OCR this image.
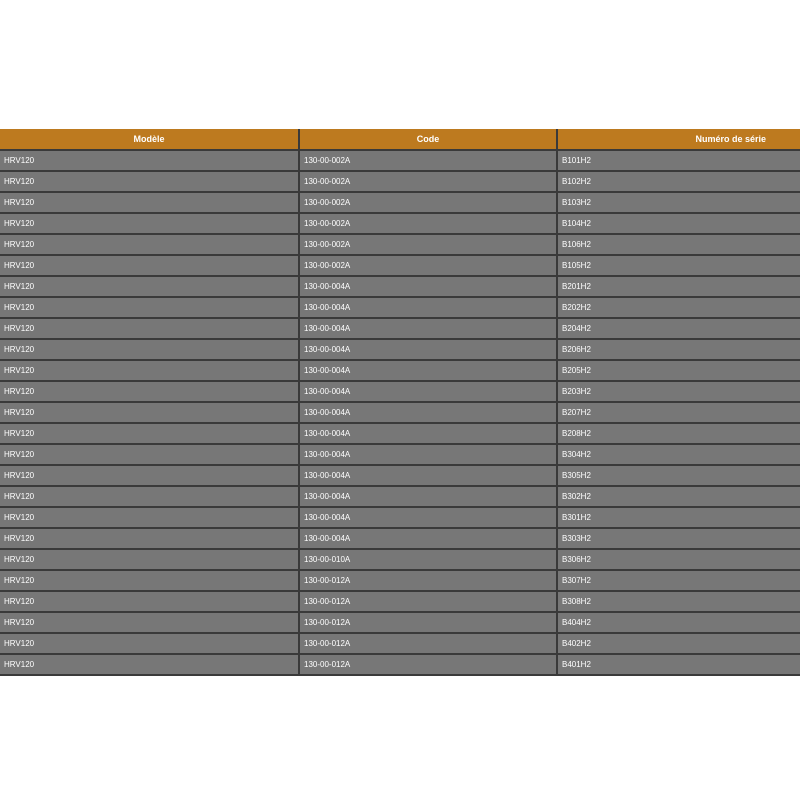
Modèle	Code	Numéro de série
HRV120	130-00-002A	B101H2
HRV120	130-00-002A	B102H2
HRV120	130-00-002A	B103H2
HRV120	130-00-002A	B104H2
HRV120	130-00-002A	B106H2
HRV120	130-00-002A	B105H2
HRV120	130-00-004A	B201H2
HRV120	130-00-004A	B202H2
HRV120	130-00-004A	B204H2
HRV120	130-00-004A	B206H2
HRV120	130-00-004A	B205H2
HRV120	130-00-004A	B203H2
HRV120	130-00-004A	B207H2
HRV120	130-00-004A	B208H2
HRV120	130-00-004A	B304H2
HRV120	130-00-004A	B305H2
HRV120	130-00-004A	B302H2
HRV120	130-00-004A	B301H2
HRV120	130-00-004A	B303H2
HRV120	130-00-010A	B306H2
HRV120	130-00-012A	B307H2
HRV120	130-00-012A	B308H2
HRV120	130-00-012A	B404H2
HRV120	130-00-012A	B402H2
HRV120	130-00-012A	B401H2
